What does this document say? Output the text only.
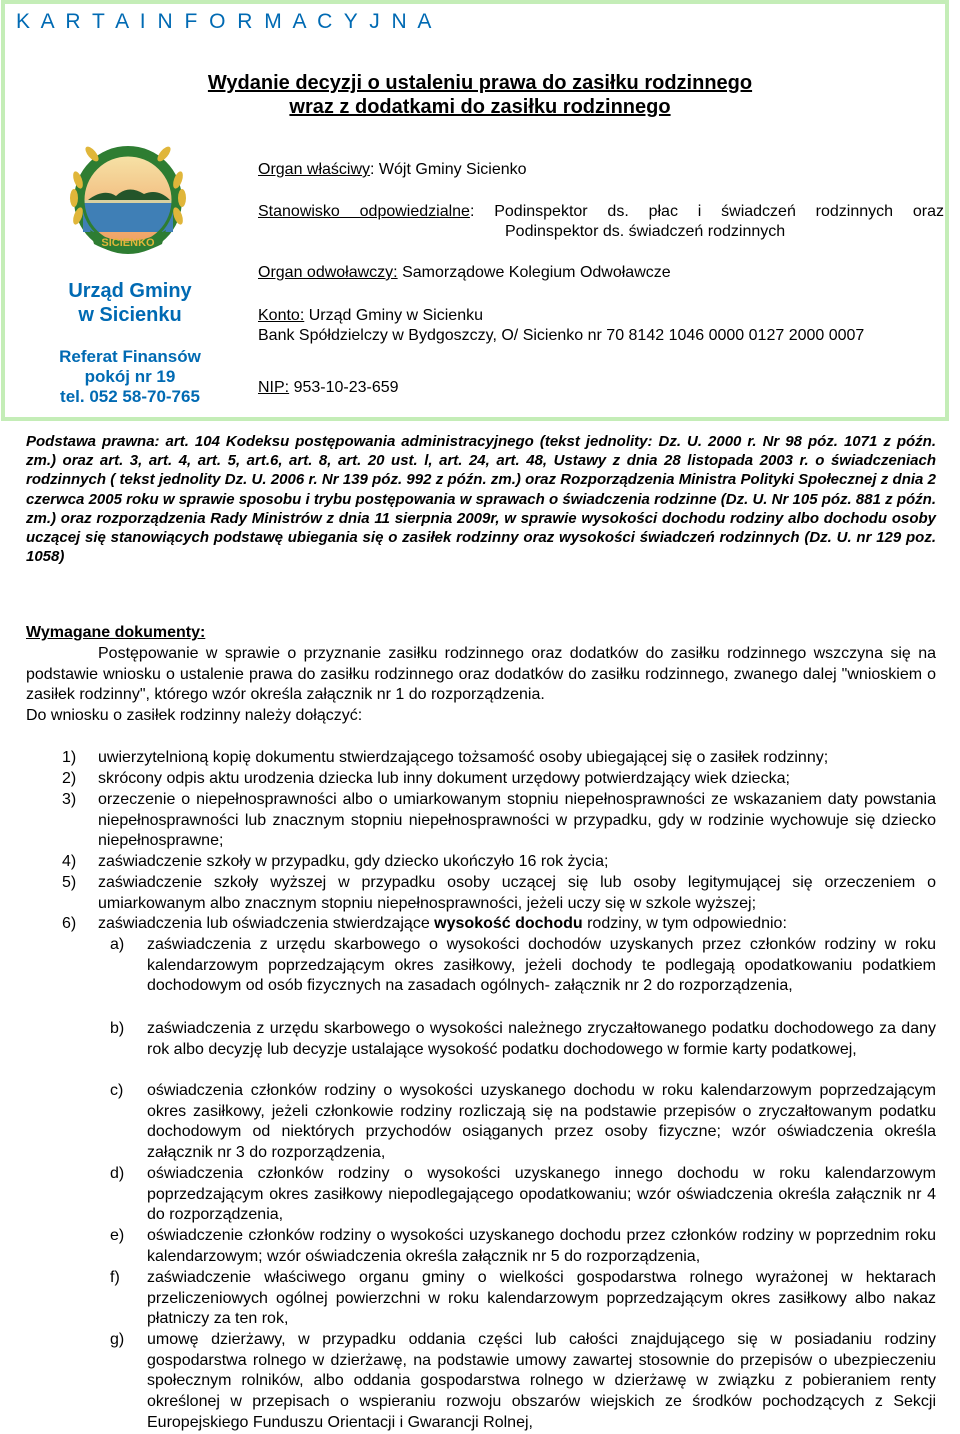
K A R T A I N F O R M A C Y J N A
Wydanie decyzji o ustaleniu prawa do zasiłku rodzinnego
wraz z dodatkami do zasiłku rodzinnego
SICIENKO
Urząd Gminy
w Sicienku
Referat Finansów
pokój nr 19
tel. 052 58-70-765
Organ właściwy: Wójt Gminy Sicienko
Stanowisko odpowiedzialne: Podinspektor ds. płac i świadczeń rodzinnych oraz
Podinspektor ds. świadczeń rodzinnych
Organ odwoławczy: Samorządowe Kolegium Odwoławcze
Konto: Urząd Gminy w Sicienku
Bank Spółdzielczy w Bydgoszczy, O/ Sicienko nr 70 8142 1046 0000 0127 2000 0007
NIP: 953-10-23-659
Podstawa prawna: art. 104 Kodeksu postępowania administracyjnego (tekst jednolity: Dz. U. 2000 r. Nr 98 póz. 1071 z późn. zm.) oraz art. 3, art. 4, art. 5, art.6, art. 8, art. 20 ust. l, art. 24, art. 48, Ustawy z dnia 28 listopada 2003 r. o świadczeniach rodzinnych ( tekst jednolity Dz. U. 2006 r. Nr 139 póz. 992 z późn. zm.) oraz Rozporządzenia Ministra Polityki Społecznej z dnia 2 czerwca 2005 roku w sprawie sposobu i trybu postępowania w sprawach o świadczenia rodzinne (Dz. U. Nr 105 póz. 881 z późn. zm.) oraz rozporządzenia Rady Ministrów z dnia 11 sierpnia 2009r, w sprawie wysokości dochodu rodziny albo dochodu osoby uczącej się stanowiących podstawę ubiegania się o zasiłek rodzinny oraz wysokości świadczeń rodzinnych (Dz. U. nr 129 poz. 1058)
Wymagane dokumenty:

Postępowanie w sprawie o przyznanie zasiłku rodzinnego oraz dodatków do zasiłku rodzinnego wszczyna się na podstawie wniosku o ustalenie prawa do zasiłku rodzinnego oraz dodatków do zasiłku rodzinnego, zwanego dalej "wnioskiem o zasiłek rodzinny", którego wzór określa załącznik nr 1 do rozporządzenia.

Do wniosku o zasiłek rodzinny należy dołączyć:

1) uwierzytelnioną kopię dokumentu stwierdzającego tożsamość osoby ubiegającej się o zasiłek rodzinny;
2) skrócony odpis aktu urodzenia dziecka lub inny dokument urzędowy potwierdzający wiek dziecka;
3) orzeczenie o niepełnosprawności albo o umiarkowanym stopniu niepełnosprawności ze wskazaniem daty powstania niepełnosprawności lub znacznym stopniu niepełnosprawności w przypadku, gdy w rodzinie wychowuje się dziecko niepełnosprawne;
4) zaświadczenie szkoły w przypadku, gdy dziecko ukończyło 16 rok życia;
5) zaświadczenie szkoły wyższej w przypadku osoby uczącej się lub osoby legitymującej się orzeczeniem o umiarkowanym albo znacznym stopniu niepełnosprawności, jeżeli uczy się w szkole wyższej;
6) zaświadczenia lub oświadczenia stwierdzające wysokość dochodu rodziny, w tym odpowiednio:
a) zaświadczenia z urzędu skarbowego o wysokości dochodów uzyskanych przez członków rodziny w roku kalendarzowym poprzedzającym okres zasiłkowy, jeżeli dochody te podlegają opodatkowaniu podatkiem dochodowym od osób fizycznych na zasadach ogólnych- załącznik nr 2 do rozporządzenia,
b) zaświadczenia z urzędu skarbowego o wysokości należnego zryczałtowanego podatku dochodowego za dany rok albo decyzję lub decyzje ustalające wysokość podatku dochodowego w formie karty podatkowej,
c) oświadczenia członków rodziny o wysokości uzyskanego dochodu w roku kalendarzowym poprzedzającym okres zasiłkowy, jeżeli członkowie rodziny rozliczają się na podstawie przepisów o zryczałtowanym podatku dochodowym od niektórych przychodów osiąganych przez osoby fizyczne; wzór oświadczenia określa załącznik nr 3 do rozporządzenia,
d) oświadczenia członków rodziny o wysokości uzyskanego innego dochodu w roku kalendarzowym poprzedzającym okres zasiłkowy niepodlegającego opodatkowaniu; wzór oświadczenia określa załącznik nr 4 do rozporządzenia,
e) oświadczenie członków rodziny o wysokości uzyskanego dochodu przez członków rodziny w poprzednim roku kalendarzowym; wzór oświadczenia określa załącznik nr 5 do rozporządzenia,
f) zaświadczenie właściwego organu gminy o wielkości gospodarstwa rolnego wyrażonej w hektarach przeliczeniowych ogólnej powierzchni w roku kalendarzowym poprzedzającym okres zasiłkowy albo nakaz płatniczy za ten rok,
g) umowę dzierżawy, w przypadku oddania części lub całości znajdującego się w posiadaniu rodziny gospodarstwa rolnego w dzierżawę, na podstawie umowy zawartej stosownie do przepisów o ubezpieczeniu społecznym rolników, albo oddania gospodarstwa rolnego w dzierżawę w związku z pobieraniem renty określonej w przepisach o wspieraniu rozwoju obszarów wiejskich ze środków pochodzących z Sekcji Europejskiego Funduszu Orientacji i Gwarancji Rolnej,
